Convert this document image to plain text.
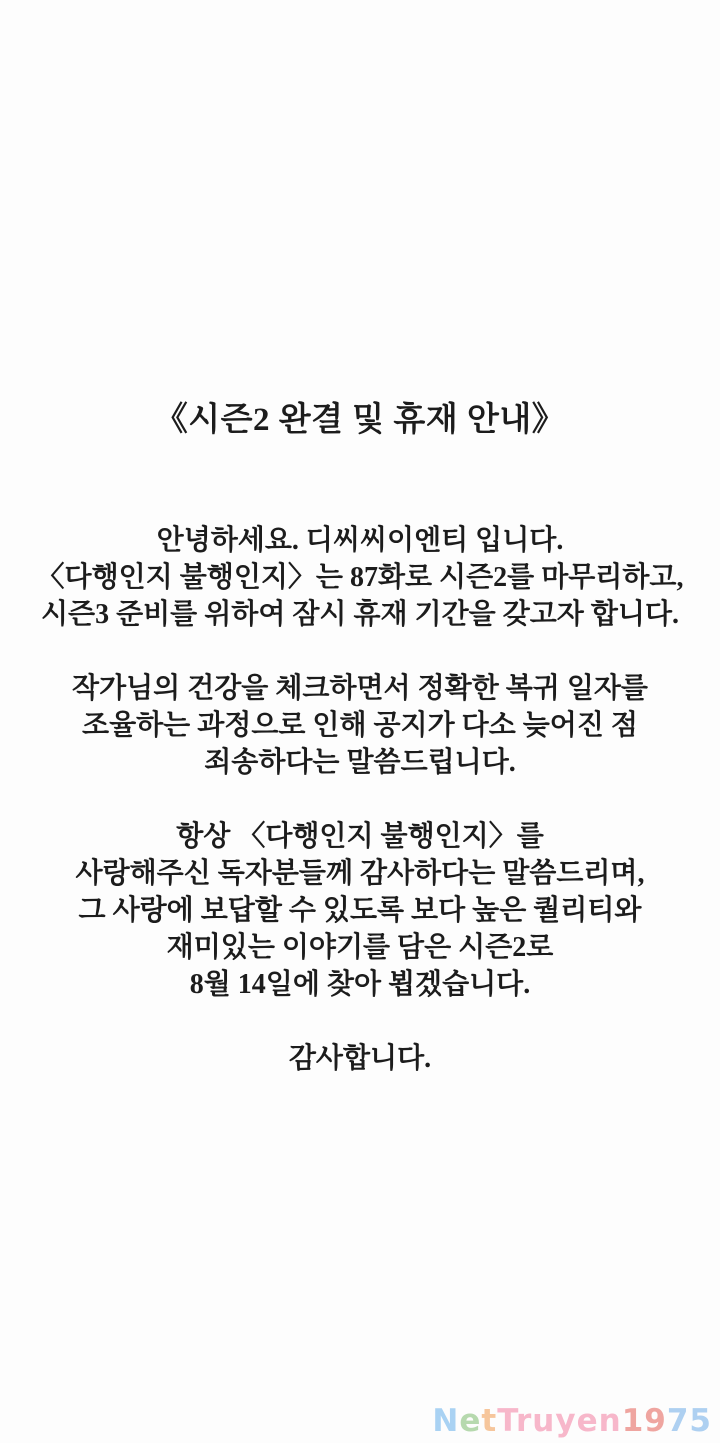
《시즌2 완결 및 휴재 안내》
안녕하세요. 디씨씨이엔티 입니다.
〈다행인지 불행인지〉는 87화로 시즌2를 마무리하고,
시즌3 준비를 위하여 잠시 휴재 기간을 갖고자 합니다.
작가님의 건강을 체크하면서 정확한 복귀 일자를
조율하는 과정으로 인해 공지가 다소 늦어진 점
죄송하다는 말씀드립니다.
항상 〈다행인지 불행인지〉를
사랑해주신 독자분들께 감사하다는 말씀드리며,
그 사랑에 보답할 수 있도록 보다 높은 퀄리티와
재미있는 이야기를 담은 시즌2로
8월 14일에 찾아 뵙겠습니다.
감사합니다.
NetTruyen1975
